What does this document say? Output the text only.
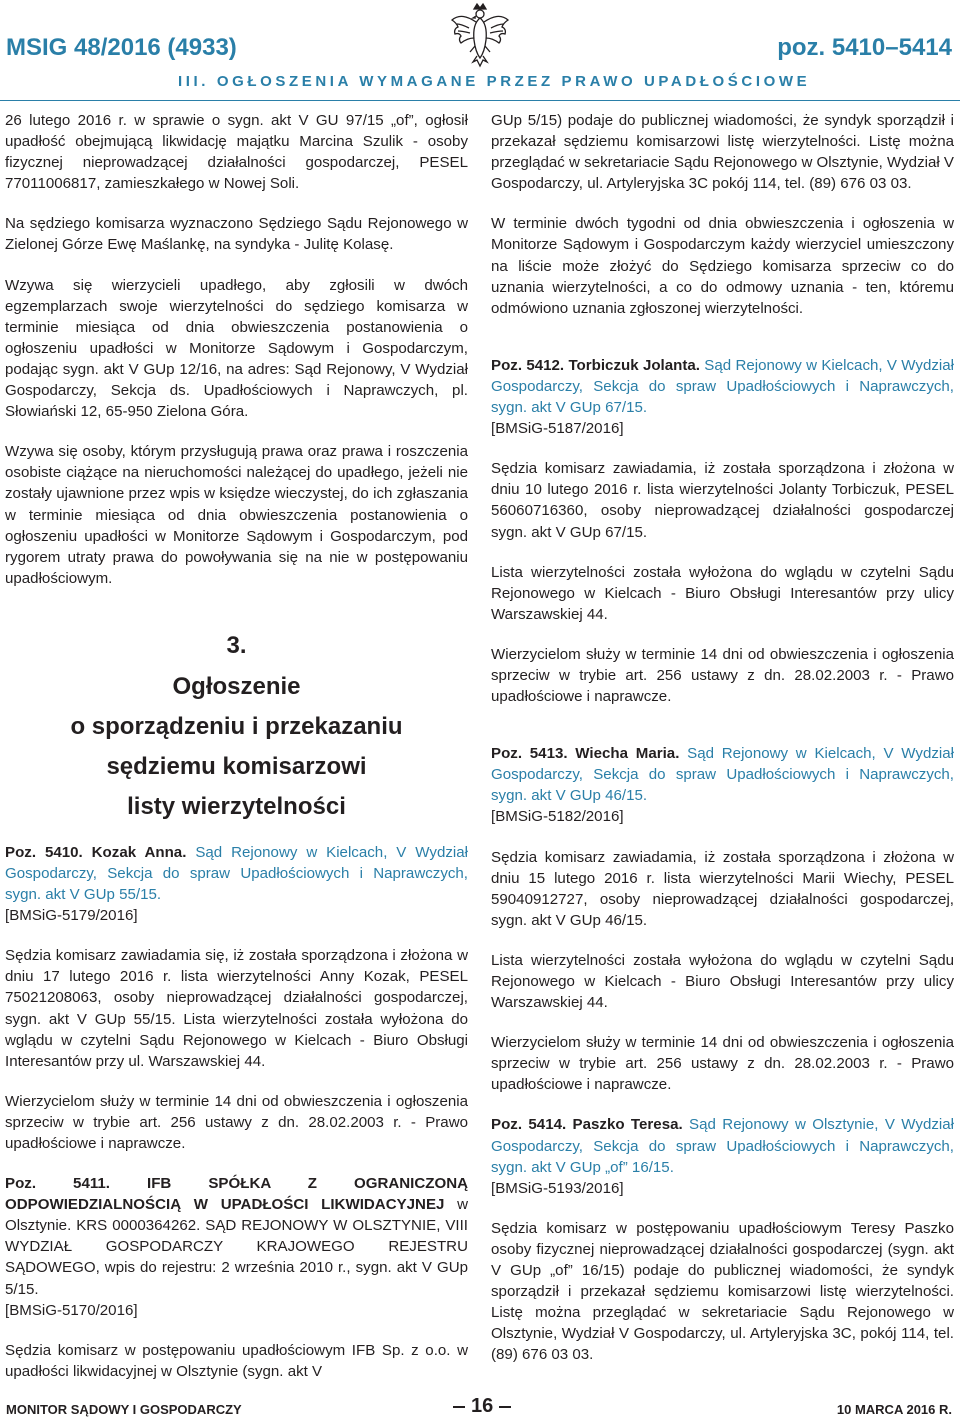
MSIG 48/2016 (4933)	poz. 5410–5414
III. OGŁOSZENIA WYMAGANE PRZEZ PRAWO UPADŁOŚCIOWE

26 lutego 2016 r. w sprawie o sygn. akt V GU 97/15 „of”, ogłosił upadłość obejmującą likwidację majątku Marcina Szulik - osoby fizycznej nieprowadzącej działalności gospodarczej, PESEL 77011006817, zamieszkałego w Nowej Soli.

Na sędziego komisarza wyznaczono Sędziego Sądu Rejonowego w Zielonej Górze Ewę Maślankę, na syndyka - Julitę Kolasę.

Wzywa się wierzycieli upadłego, aby zgłosili w dwóch egzemplarzach swoje wierzytelności do sędziego komisarza w terminie miesiąca od dnia obwieszczenia postanowienia o ogłoszeniu upadłości w Monitorze Sądowym i Gospodarczym, podając sygn. akt V GUp 12/16, na adres: Sąd Rejonowy, V Wydział Gospodarczy, Sekcja ds. Upadłościowych i Naprawczych, pl. Słowiański 12, 65-950 Zielona Góra.

Wzywa się osoby, którym przysługują prawa oraz prawa i roszczenia osobiste ciążące na nieruchomości należącej do upadłego, jeżeli nie zostały ujawnione przez wpis w księdze wieczystej, do ich zgłaszania w terminie miesiąca od dnia obwieszczenia postanowienia o ogłoszeniu upadłości w Monitorze Sądowym i Gospodarczym, pod rygorem utraty prawa do powoływania się na nie w postępowaniu upadłościowym.

3.
Ogłoszenie
o sporządzeniu i przekazaniu
sędziemu komisarzowi
listy wierzytelności

Poz. 5410. Kozak Anna. Sąd Rejonowy w Kielcach, V Wydział Gospodarczy, Sekcja do spraw Upadłościowych i Naprawczych, sygn. akt V GUp 55/15.
[BMSiG-5179/2016]

Sędzia komisarz zawiadamia się, iż została sporządzona i złożona w dniu 17 lutego 2016 r. lista wierzytelności Anny Kozak, PESEL 75021208063, osoby nieprowadzącej działalności gospodarczej, sygn. akt V GUp 55/15. Lista wierzytelności została wyłożona do wglądu w czytelni Sądu Rejonowego w Kielcach - Biuro Obsługi Interesantów przy ul. Warszawskiej 44.

Wierzycielom służy w terminie 14 dni od obwieszczenia i ogłoszenia sprzeciw w trybie art. 256 ustawy z dn. 28.02.2003 r. - Prawo upadłościowe i naprawcze.

Poz. 5411. IFB SPÓŁKA Z OGRANICZONĄ ODPOWIEDZIALNOŚCIĄ W UPADŁOŚCI LIKWIDACYJNEJ w Olsztynie. KRS 0000364262. SĄD REJONOWY W OLSZTYNIE, VIII WYDZIAŁ GOSPODARCZY KRAJOWEGO REJESTRU SĄDOWEGO, wpis do rejestru: 2 września 2010 r., sygn. akt V GUp 5/15.
[BMSiG-5170/2016]

Sędzia komisarz w postępowaniu upadłościowym IFB Sp. z o.o. w upadłości likwidacyjnej w Olsztynie (sygn. akt V

GUp 5/15) podaje do publicznej wiadomości, że syndyk sporządził i przekazał sędziemu komisarzowi listę wierzytelności. Listę można przeglądać w sekretariacie Sądu Rejonowego w Olsztynie, Wydział V Gospodarczy, ul. Artyleryjska 3C pokój 114, tel. (89) 676 03 03.

W terminie dwóch tygodni od dnia obwieszczenia i ogłoszenia w Monitorze Sądowym i Gospodarczym każdy wierzyciel umieszczony na liście może złożyć do Sędziego komisarza sprzeciw co do uznania wierzytelności, a co do odmowy uznania - ten, któremu odmówiono uznania zgłoszonej wierzytelności.

Poz. 5412. Torbiczuk Jolanta. Sąd Rejonowy w Kielcach, V Wydział Gospodarczy, Sekcja do spraw Upadłościowych i Naprawczych, sygn. akt V GUp 67/15.
[BMSiG-5187/2016]

Sędzia komisarz zawiadamia, iż została sporządzona i złożona w dniu 10 lutego 2016 r. lista wierzytelności Jolanty Torbiczuk, PESEL 56060716360, osoby nieprowadzącej działalności gospodarczej sygn. akt V GUp 67/15.

Lista wierzytelności została wyłożona do wglądu w czytelni Sądu Rejonowego w Kielcach - Biuro Obsługi Interesantów przy ulicy Warszawskiej 44.

Wierzycielom służy w terminie 14 dni od obwieszczenia i ogłoszenia sprzeciw w trybie art. 256 ustawy z dn. 28.02.2003 r. - Prawo upadłościowe i naprawcze.

Poz. 5413. Wiecha Maria. Sąd Rejonowy w Kielcach, V Wydział Gospodarczy, Sekcja do spraw Upadłościowych i Naprawczych, sygn. akt V GUp 46/15.
[BMSiG-5182/2016]

Sędzia komisarz zawiadamia, iż została sporządzona i złożona w dniu 15 lutego 2016 r. lista wierzytelności Marii Wiechy, PESEL 59040912727, osoby nieprowadzącej działalności gospodarczej, sygn. akt V GUp 46/15.

Lista wierzytelności została wyłożona do wglądu w czytelni Sądu Rejonowego w Kielcach - Biuro Obsługi Interesantów przy ulicy Warszawskiej 44.

Wierzycielom służy w terminie 14 dni od obwieszczenia i ogłoszenia sprzeciw w trybie art. 256 ustawy z dn. 28.02.2003 r. - Prawo upadłościowe i naprawcze.

Poz. 5414. Paszko Teresa. Sąd Rejonowy w Olsztynie, V Wydział Gospodarczy, Sekcja do spraw Upadłościowych i Naprawczych, sygn. akt V GUp „of” 16/15.
[BMSiG-5193/2016]

Sędzia komisarz w postępowaniu upadłościowym Teresy Paszko osoby fizycznej nieprowadzącej działalności gospodarczej (sygn. akt V GUp „of” 16/15) podaje do publicznej wiadomości, że syndyk sporządził i przekazał sędziemu komisarzowi listę wierzytelności. Listę można przeglądać w sekretariacie Sądu Rejonowego w Olsztynie, Wydział V Gospodarczy, ul. Artyleryjska 3C, pokój 114, tel. (89) 676 03 03.

MONITOR SĄDOWY I GOSPODARCZY	16	10 MARCA 2016 R.
